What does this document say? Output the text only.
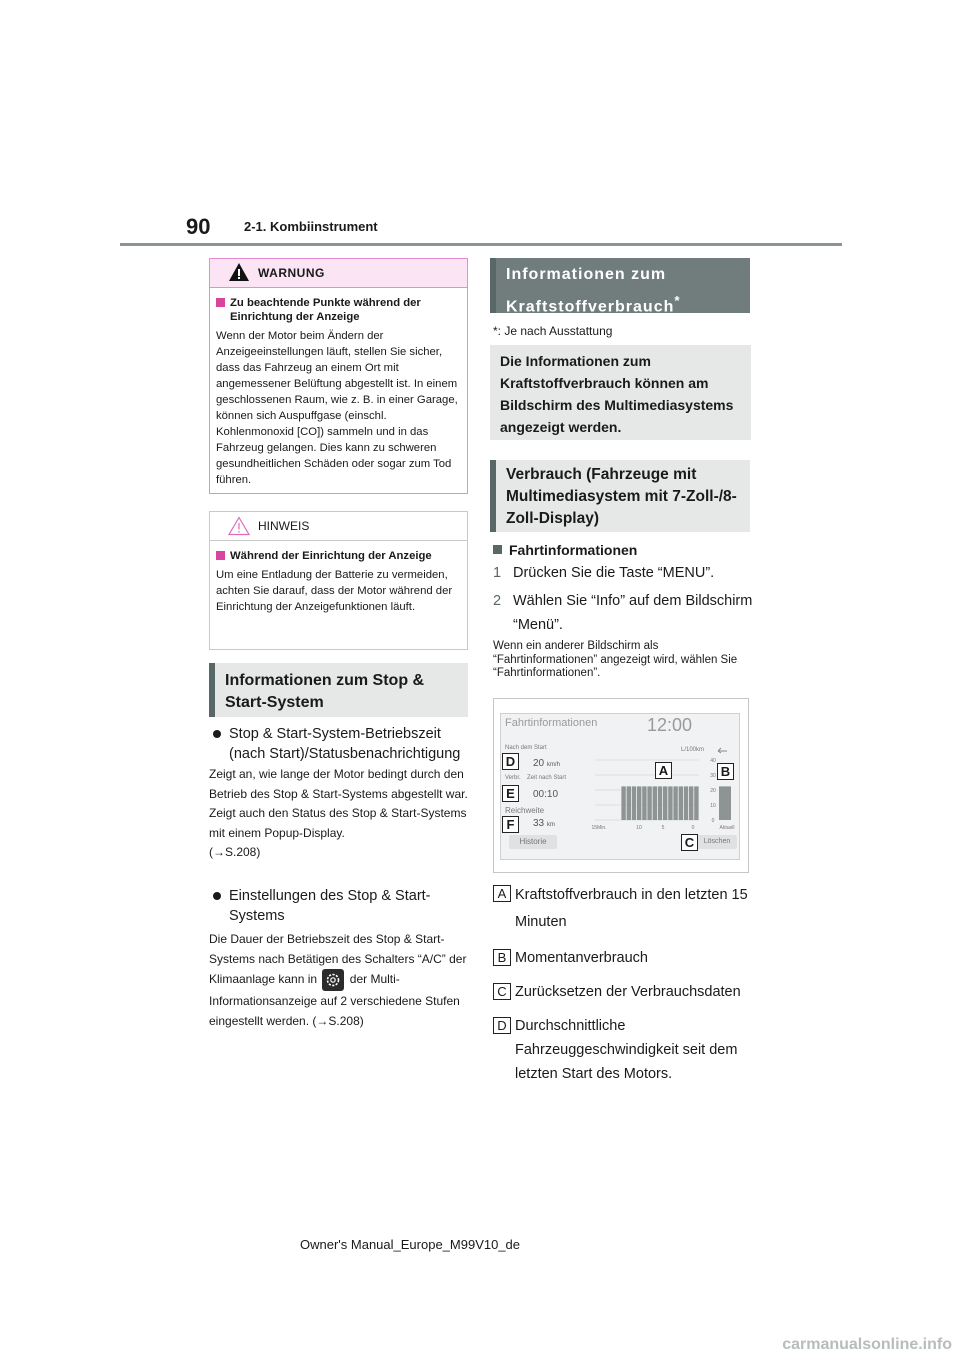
90	2-1. Kombiinstrument
WARNUNG
Zu beachtende Punkte während der Einrichtung der Anzeige
Wenn der Motor beim Ändern der Anzeigeeinstellungen läuft, stellen Sie sicher, dass das Fahrzeug an einem Ort mit angemessener Belüftung abgestellt ist. In einem geschlossenen Raum, wie z. B. in einer Garage, können sich Auspuffgase (einschl. Kohlenmonoxid [CO]) sammeln und in das Fahrzeug gelangen. Dies kann zu schweren gesundheitlichen Schäden oder sogar zum Tod führen.
HINWEIS
Während der Einrichtung der Anzeige
Um eine Entladung der Batterie zu vermeiden, achten Sie darauf, dass der Motor während der Einrichtung der Anzeigefunktionen läuft.
Informationen zum Stop & Start-System
Stop & Start-System-Betriebszeit (nach Start)/Statusbenachrichtigung
Zeigt an, wie lange der Motor bedingt durch den Betrieb des Stop & Start-Systems abgestellt war. Zeigt auch den Status des Stop & Start-Systems mit einem Popup-Display.
(→S.208)
Einstellungen des Stop & Start-Systems
Die Dauer der Betriebszeit des Stop & Start-Systems nach Betätigen des Schalters “A/C” der Klimaanlage kann in	der Multi-Informationsanzeige auf 2 verschiedene Stufen eingestellt werden. (→S.208)
Informationen zum Kraftstoffverbrauch*
*: Je nach Ausstattung
Die Informationen zum Kraftstoffverbrauch können am Bildschirm des Multimediasystems angezeigt werden.
Verbrauch (Fahrzeuge mit Multimediasystem mit 7-Zoll-/8-Zoll-Display)
Fahrtinformationen
1 Drücken Sie die Taste “MENU”.
2 Wählen Sie “Info” auf dem Bildschirm “Menü”.
Wenn ein anderer Bildschirm als “Fahrtinformationen” angezeigt wird, wählen Sie “Fahrtinformationen”.
Fahrtinformationen	12:00
Nach dem Start
20 km/h
Verbr. Zeit nach Start
00:10
Reichweite
33 km
Historie	Löschen
L/100km
40
30
20
10
0
15Min.	10	5	0	Aktuell
D
E
F
A	B
C
A Kraftstoffverbrauch in den letzten 15 Minuten
B Momentanverbrauch
C Zurücksetzen der Verbrauchsdaten
D Durchschnittliche Fahrzeuggeschwindigkeit seit dem letzten Start des Motors.
Owner's Manual_Europe_M99V10_de
carmanualsonline.info
